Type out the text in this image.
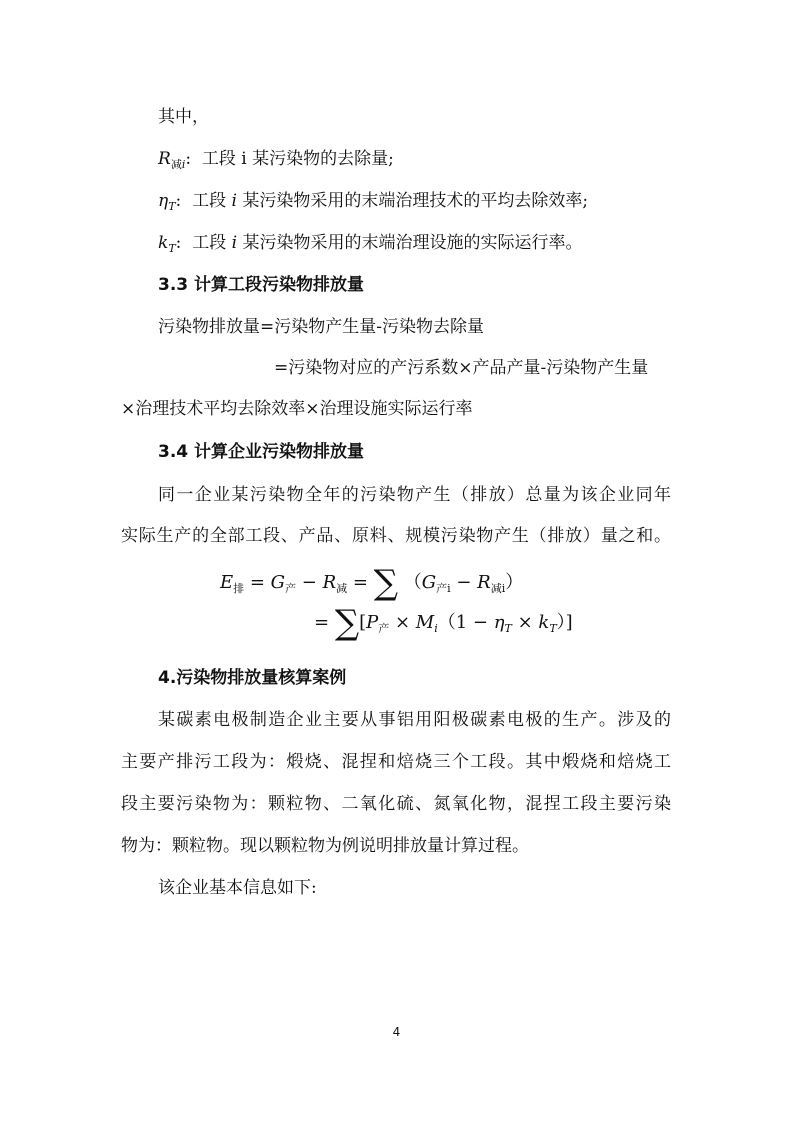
其中，
$R_{减i}$:  工段 i 某污染物的去除量;
$\eta_T$:  工段 i 某污染物采用的末端治理技术的平均去除效率;
$k_T$:  工段 i 某污染物采用的末端治理设施的实际运行率。
3.3 计算工段污染物排放量
污染物排放量=污染物产生量-污染物去除量
=污染物对应的产污系数×产品产量-污染物产生量
×治理技术平均去除效率×治理设施实际运行率
3.4 计算企业污染物排放量
同一企业某污染物全年的污染物产生（排放）总量为该企业同年
实际生产的全部工段、产品、原料、规模污染物产生（排放）量之和。
$E_排 = G_产 - R_减$ = ∑ $(G_{产i} - R_{减i})$
= $\sum[P_产 \times M_i(1 - \eta_T \times k_T)]$
4.污染物排放量核算案例
某碳素电极制造企业主要从事铝用阳极碳素电极的生产。涉及的
主要产排污工段为：煅烧、混捏和焙烧三个工段。其中煅烧和焙烧工
段主要污染物为：颗粒物、二氧化硫、氮氧化物，混捏工段主要污染
物为：颗粒物。现以颗粒物为例说明排放量计算过程。
该企业基本信息如下:
4
